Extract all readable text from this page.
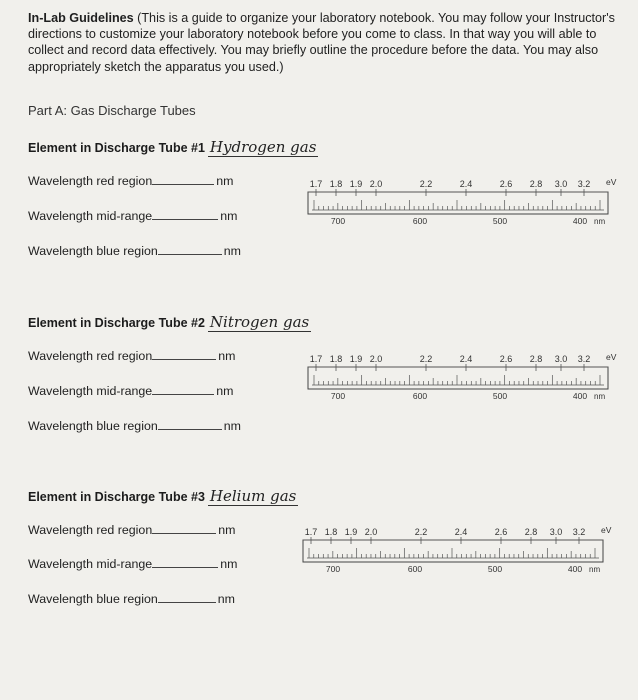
In-Lab Guidelines (This is a guide to organize your laboratory notebook. You may follow your Instructor's directions to customize your laboratory notebook before you come to class. In that way you will able to collect and record data effectively. You may briefly outline the procedure before the data. You may also appropriately sketch the apparatus you used.)
Part A: Gas Discharge Tubes
Element in Discharge Tube #1 Hydrogen gas
Wavelength red region	nm
Wavelength mid-range	nm
Wavelength blue region	nm
1.7 1.8 1.9 2.0	2.2	2.4	2.6 2.8 3.0 3.2 eV
700	600	500	400 nm
Element in Discharge Tube #2 Nitrogen gas
Wavelength red region	nm
Wavelength mid-range	nm
Wavelength blue region	nm
1.7 1.8 1.9 2.0	2.2	2.4	2.6 2.8 3.0 3.2 eV
700	600	500	400 nm
Element in Discharge Tube #3 Helium gas
Wavelength red region	nm
Wavelength mid-range	nm
Wavelength blue region	nm
1.7 1.8 1.9 2.0	2.2	2.4	2.6 2.8 3.0 3.2 eV
700	600	500	400 nm
